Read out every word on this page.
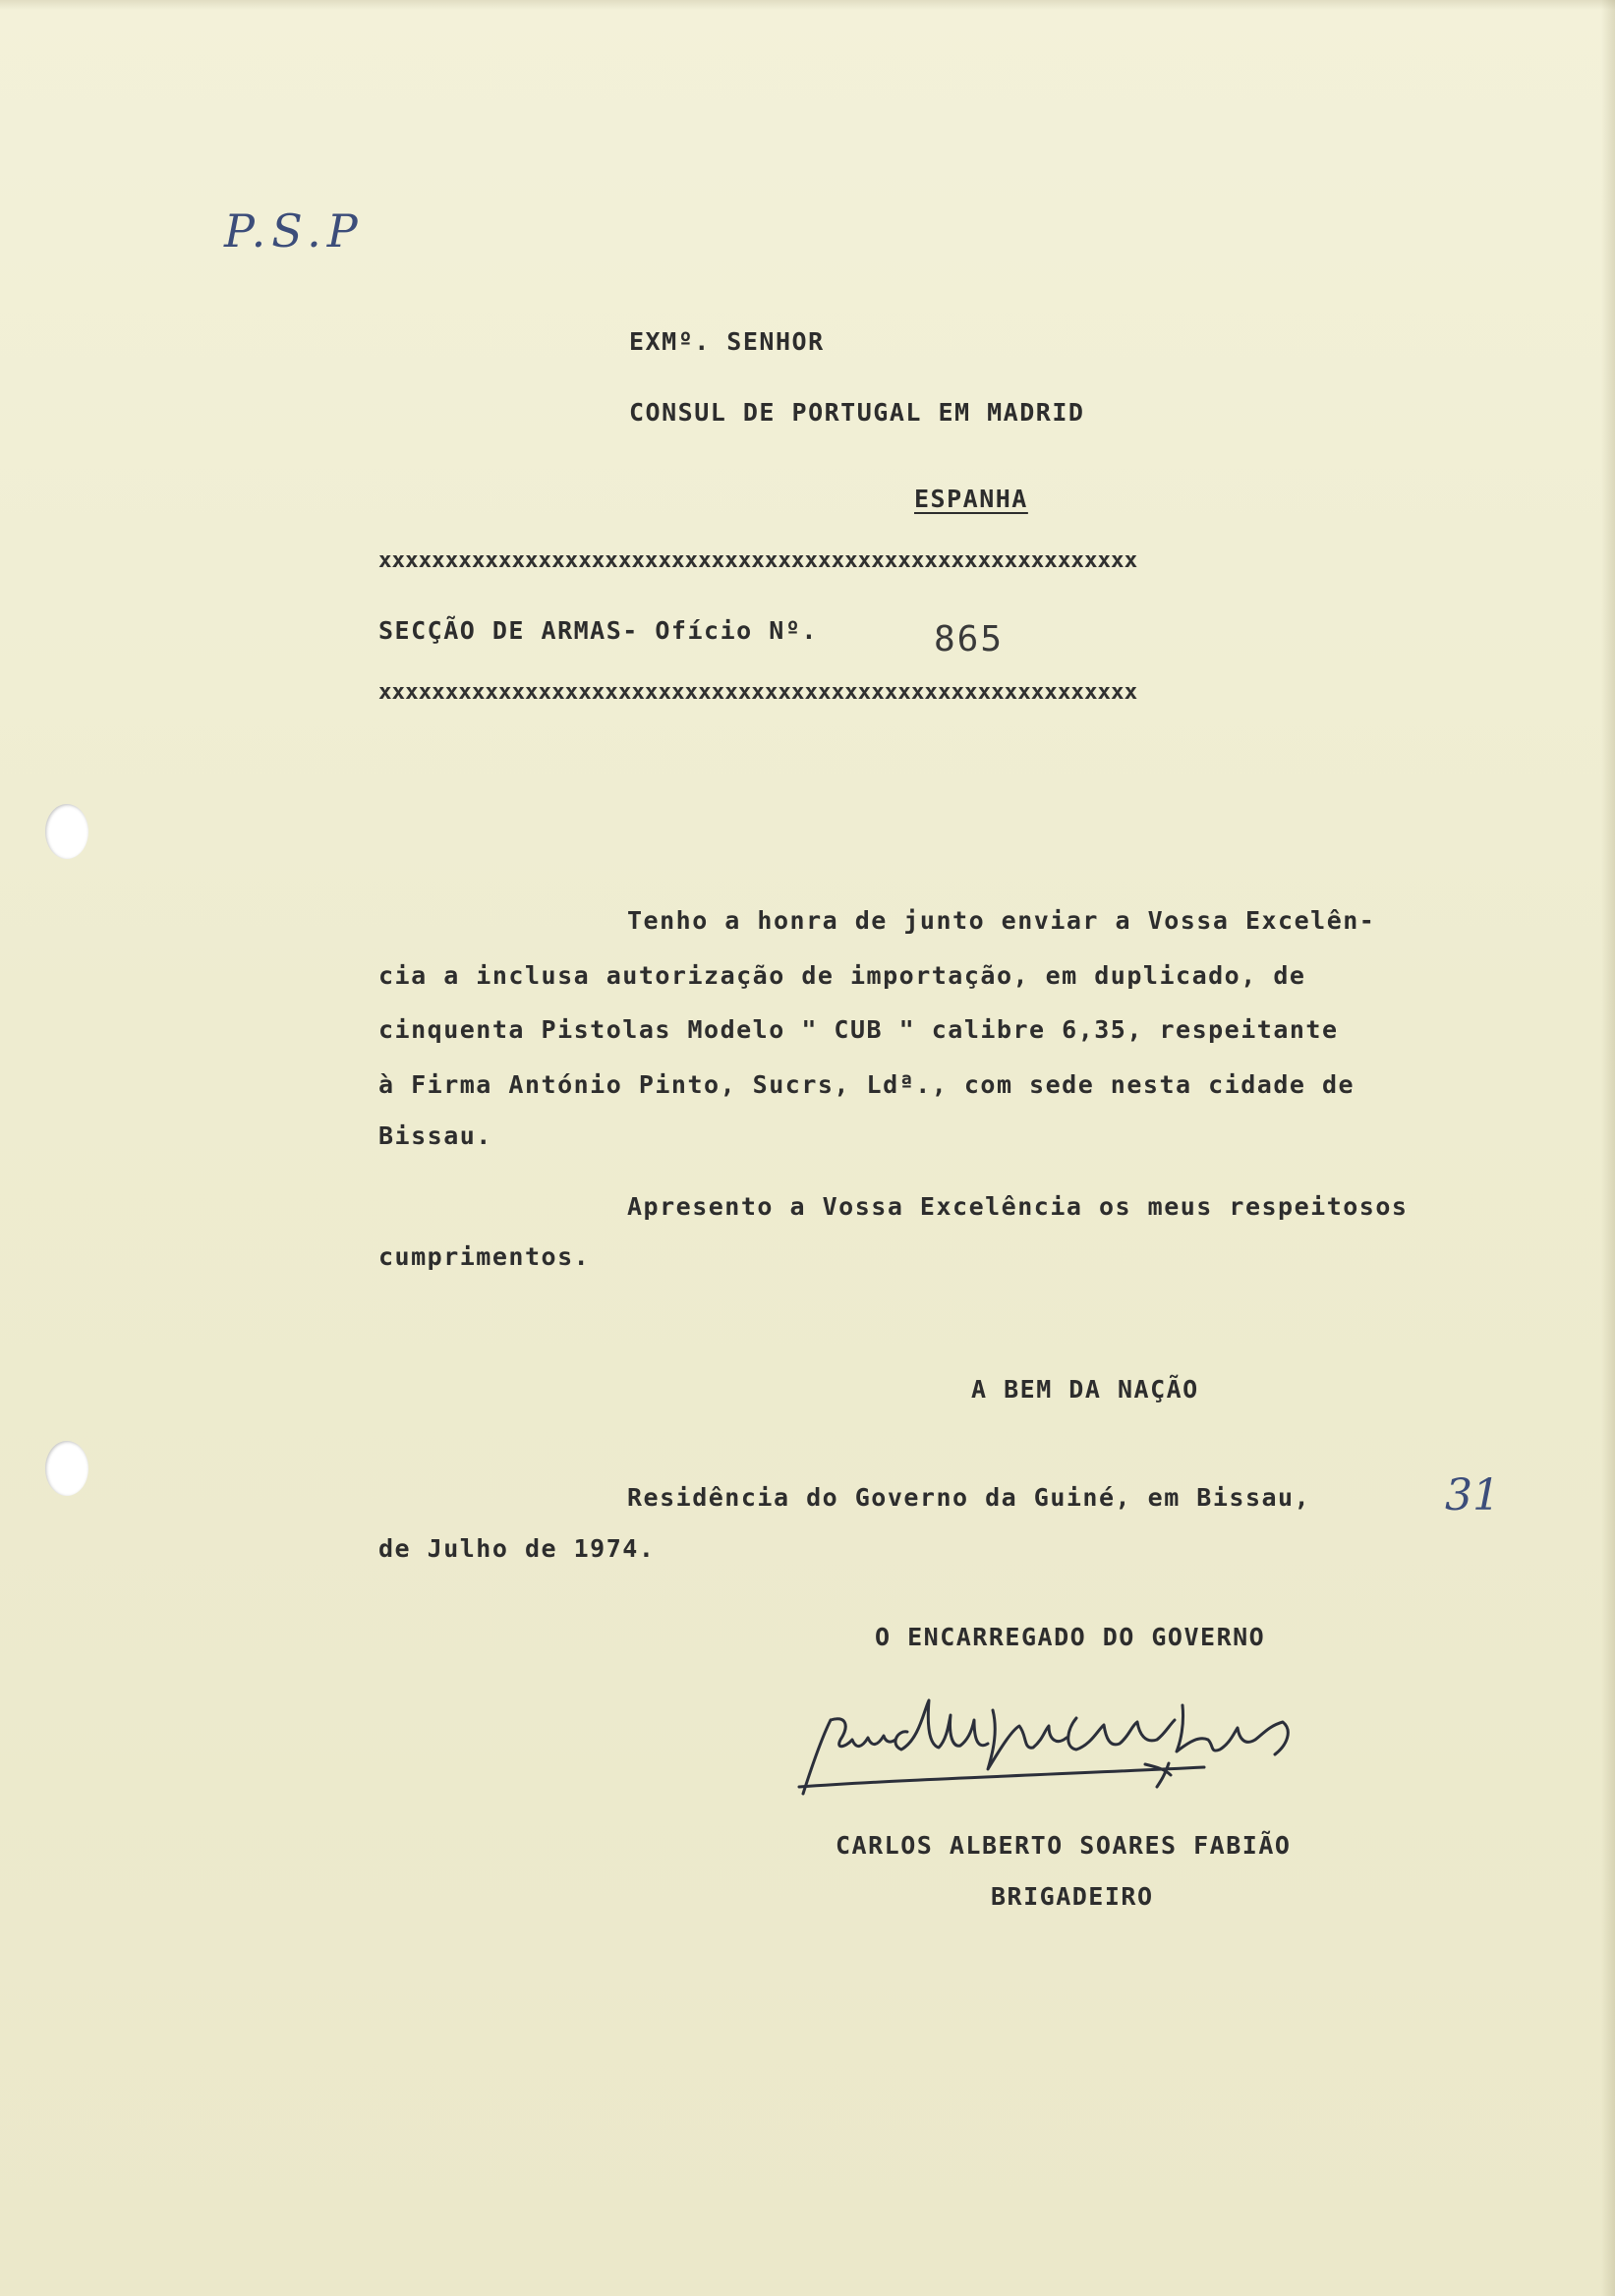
P.S.P
EXMº. SENHOR
CONSUL DE PORTUGAL EM MADRID
ESPANHA
xxxxxxxxxxxxxxxxxxxxxxxxxxxxxxxxxxxxxxxxxxxxxxxxxxxxxxxxx
SECÇÃO DE ARMAS- Ofício Nº.	865
xxxxxxxxxxxxxxxxxxxxxxxxxxxxxxxxxxxxxxxxxxxxxxxxxxxxxxxxx
Tenho a honra de junto enviar a Vossa Excelên-
cia a inclusa autorização de importação, em duplicado, de
cinquenta Pistolas Modelo " CUB " calibre 6,35, respeitante
à Firma António Pinto, Sucrs, Ldª., com sede nesta cidade de
Bissau.
Apresento a Vossa Excelência os meus respeitosos
cumprimentos.
A BEM DA NAÇÃO
Residência do Governo da Guiné, em Bissau,	31
de Julho de 1974.
O ENCARREGADO DO GOVERNO
CARLOS ALBERTO SOARES FABIÃO
BRIGADEIRO
